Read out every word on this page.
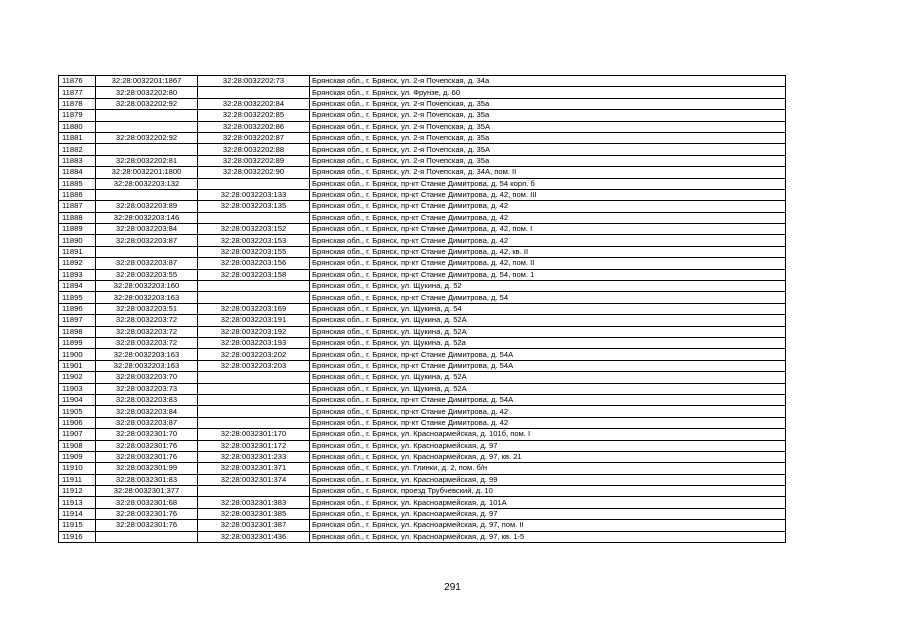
11876	32:28:0032201:1867	32:28:0032202:73	Брянская обл., г. Брянск, ул. 2-я Почепская, д. 34а
11877	32:28:0032202:80		Брянская обл., г. Брянск, ул. Фрунзе, д. 60
11878	32:28:0032202:92	32:28:0032202:84	Брянская обл., г. Брянск, ул. 2-я Почепская, д. 35а
11879		32:28:0032202:85	Брянская обл., г. Брянск, ул. 2-я Почепская, д. 35а
11880		32:28:0032202:86	Брянская обл., г. Брянск, ул. 2-я Почепская, д. 35А
11881	32:28:0032202:92	32:28:0032202:87	Брянская обл., г. Брянск, ул. 2-я Почепская, д. 35а
11882		32:28:0032202:88	Брянская обл., г. Брянск, ул. 2-я Почепская, д. 35А
11883	32:28:0032202:81	32:28:0032202:89	Брянская обл., г. Брянск, ул. 2-я Почепская, д. 35а
11884	32:28:0032201:1800	32:28:0032202:90	Брянская обл., г. Брянск, ул. 2-я Почепская, д. 34А, пом. II
11885	32:28:0032203:132		Брянская обл., г. Брянск, пр-кт Станке Димитрова, д. 54 корп. б
11886		32:28:0032203:133	Брянская обл., г. Брянск, пр-кт Станке Димитрова, д. 42, пом. III
11887	32:28:0032203:89	32:28:0032203:135	Брянская обл., г. Брянск, пр-кт Станке Димитрова, д. 42
11888	32:28:0032203:146		Брянская обл., г. Брянск, пр-кт Станке Димитрова, д. 42
11889	32:28:0032203:84	32:28:0032203:152	Брянская обл., г. Брянск, пр-кт Станке Димитрова, д. 42, пом. I
11890	32:28:0032203:87	32:28:0032203:153	Брянская обл., г. Брянск, пр-кт Станке Димитрова, д. 42
11891		32:28:0032203:155	Брянская обл., г. Брянск, пр-кт Станке Димитрова, д. 42, кв. II
11892	32:28:0032203:87	32:28:0032203:156	Брянская обл., г. Брянск, пр-кт Станке Димитрова, д. 42, пом. II
11893	32:28:0032203:55	32:28:0032203:158	Брянская обл., г. Брянск, пр-кт Станке Димитрова, д. 54, пом. 1
11894	32:28:0032203:160		Брянская обл., г. Брянск, ул. Щукина, д. 52
11895	32:28:0032203:163		Брянская обл., г. Брянск, пр-кт Станке Димитрова, д. 54
11896	32:28:0032203:51	32:28:0032203:169	Брянская обл., г. Брянск, ул. Щукина, д. 54
11897	32:28:0032203:72	32:28:0032203:191	Брянская обл., г. Брянск, ул. Щукина, д. 52А
11898	32:28:0032203:72	32:28:0032203:192	Брянская обл., г. Брянск, ул. Щукина, д. 52А
11899	32:28:0032203:72	32:28:0032203:193	Брянская обл., г. Брянск, ул. Щукина, д. 52а
11900	32:28:0032203:163	32:28:0032203:202	Брянская обл., г. Брянск, пр-кт Станке Димитрова, д. 54А
11901	32:28:0032203:163	32:28:0032203:203	Брянская обл., г. Брянск, пр-кт Станке Димитрова, д. 54А
11902	32:28:0032203:70		Брянская обл., г. Брянск, ул. Щукина, д. 52А
11903	32:28:0032203:73		Брянская обл., г. Брянск, ул. Щукина, д. 52А
11904	32:28:0032203:83		Брянская обл., г. Брянск, пр-кт Станке Димитрова, д. 54А
11905	32:28:0032203:84		Брянская обл., г. Брянск, пр-кт Станке Димитрова, д. 42
11906	32:28:0032203:87		Брянская обл., г. Брянск, пр-кт Станке Димитрова, д. 42
11907	32:28:0032301:70	32:28:0032301:170	Брянская обл., г. Брянск, ул. Красноармейская, д. 101б, пом. I
11908	32:28:0032301:76	32:28:0032301:172	Брянская обл., г. Брянск, ул. Красноармейская, д. 97
11909	32:28:0032301:76	32:28:0032301:233	Брянская обл., г. Брянск, ул. Красноармейская, д. 97, кв. 21
11910	32:28:0032301:99	32:28:0032301:371	Брянская обл., г. Брянск, ул. Глинки, д. 2, пом. б/н
11911	32:28:0032301:83	32:28:0032301:374	Брянская обл., г. Брянск, ул. Красноармейская, д. 99
11912	32:28:0032301:377		Брянская обл., г. Брянск, проезд Трубчевский, д. 10
11913	32:28:0032301:68	32:28:0032301:383	Брянская обл., г. Брянск, ул. Красноармейская, д. 101А
11914	32:28:0032301:76	32:28:0032301:385	Брянская обл., г. Брянск, ул. Красноармейская, д. 97
11915	32:28:0032301:76	32:28:0032301:387	Брянская обл., г. Брянск, ул. Красноармейская, д. 97, пом. II
11916		32:28:0032301:436	Брянская обл., г. Брянск, ул. Красноармейская, д. 97, кв. 1-5
291
